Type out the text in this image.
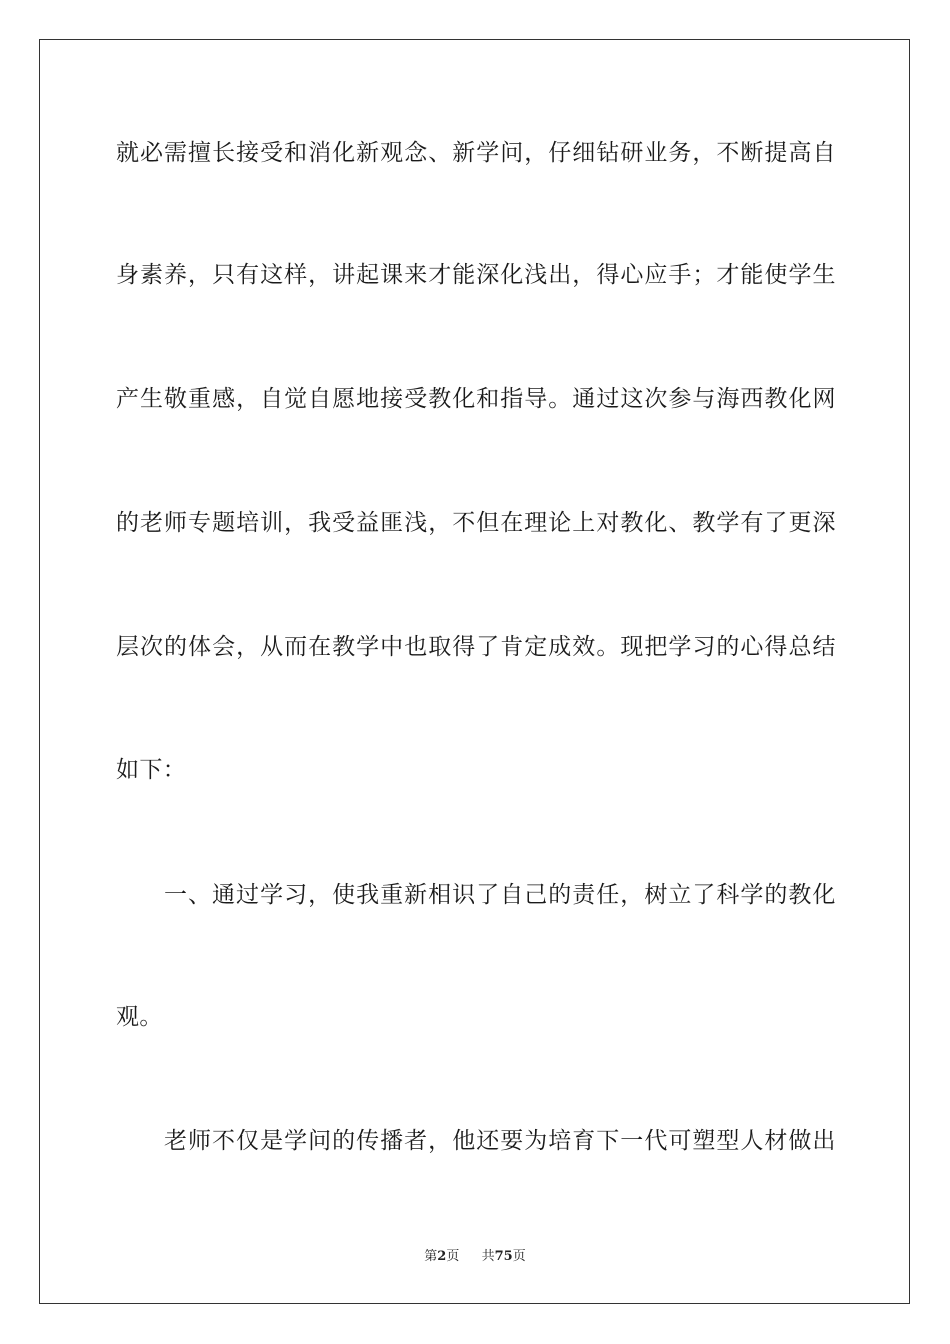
就 必 需 擅 长 接 受 和 消 化 新 观 念 、 新 学 问 ， 仔 细 钻 研 业 务 ， 不 断 提 高 自
身 素 养 ， 只 有 这 样 ， 讲 起 课 来 才 能 深 化 浅 出 ， 得 心 应 手 ； 才 能 使 学 生
产 生 敬 重 感 ， 自 觉 自 愿 地 接 受 教 化 和 指 导 。 通 过 这 次 参 与 海 西 教 化 网
的 老 师 专 题 培 训 ， 我 受 益 匪 浅 ， 不 但 在 理 论 上 对 教 化 、 教 学 有 了 更 深
层 次 的 体 会 ， 从 而 在 教 学 中 也 取 得 了 肯 定 成 效 。 现 把 学 习 的 心 得 总 结
如下：
一 、 通 过 学 习 ， 使 我 重 新 相 识 了 自 己 的 责 任 ， 树 立 了 科 学 的 教 化
观。
老 师 不 仅 是 学 问 的 传 播 者 ， 他 还 要 为 培 育 下 一 代 可 塑 型 人 材 做 出
第2页 共75页
